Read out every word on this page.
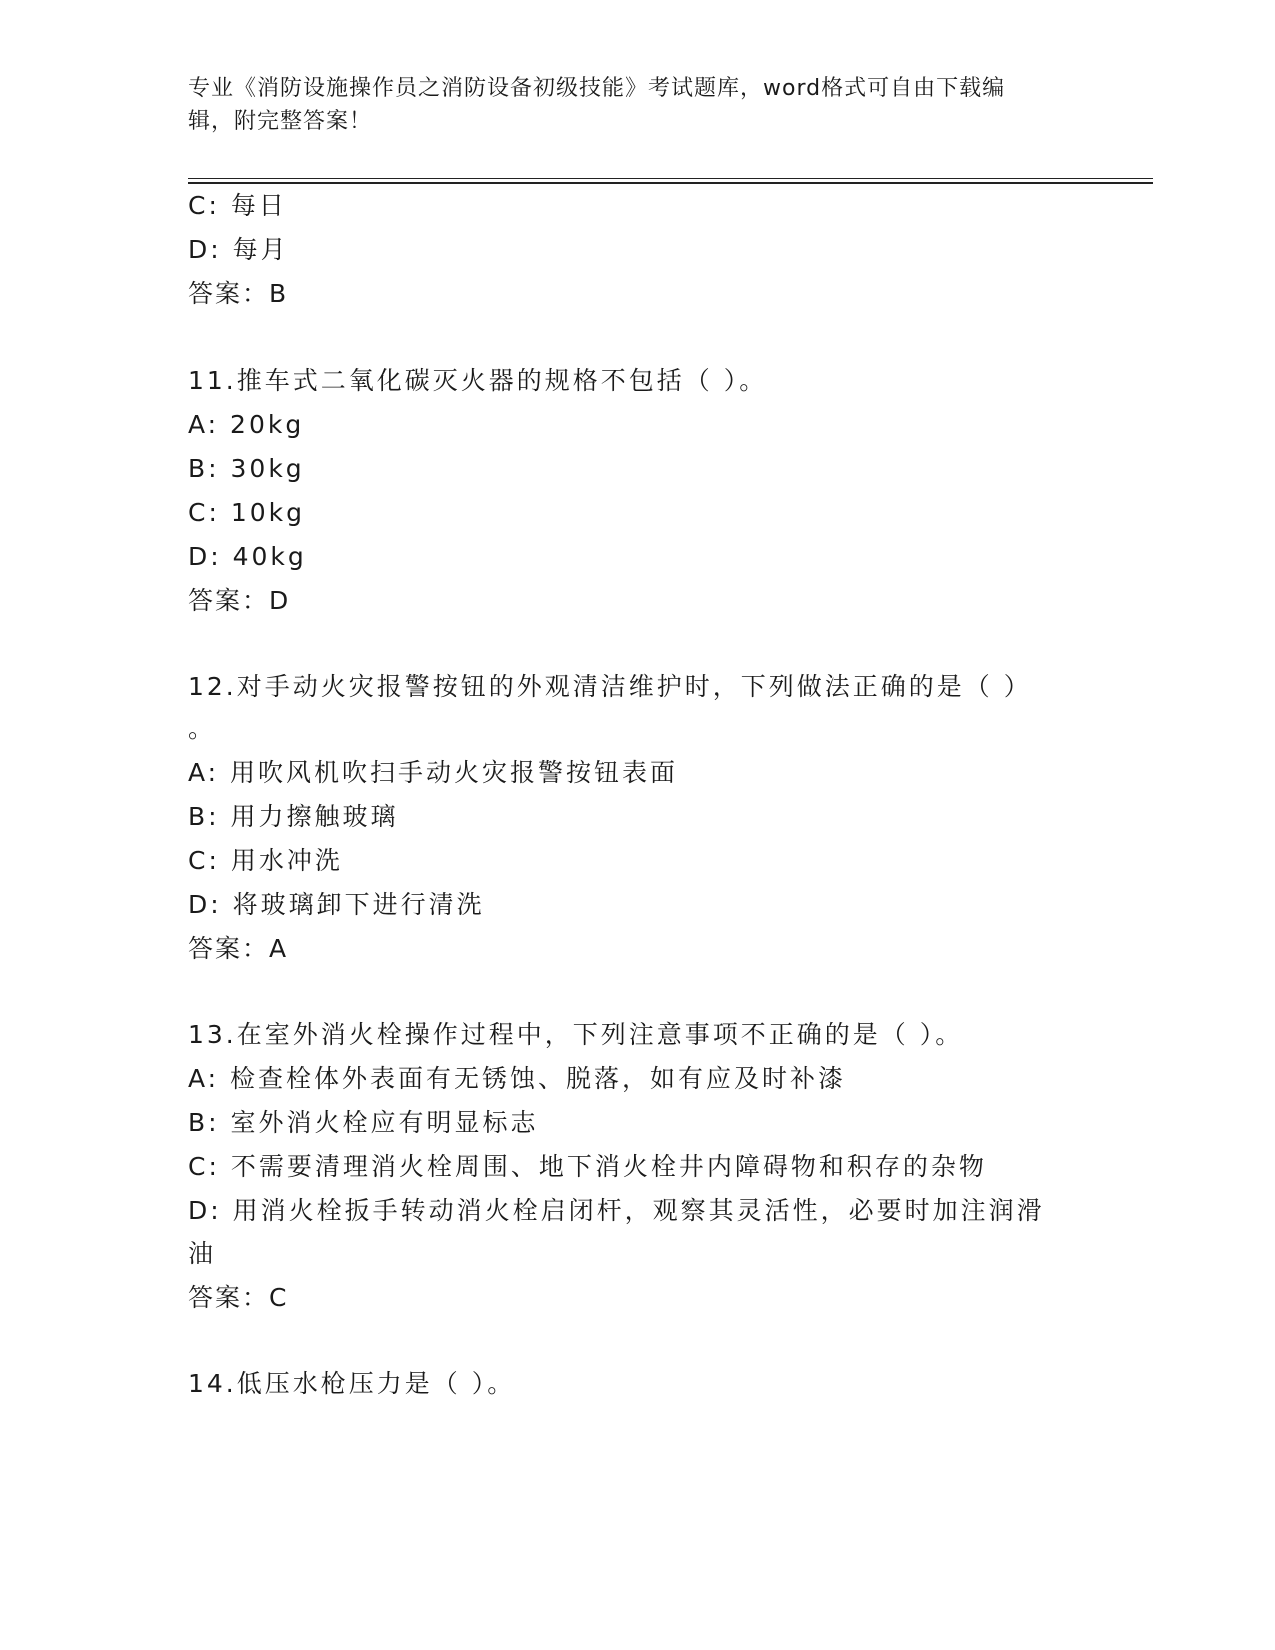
专业《消防设施操作员之消防设备初级技能》考试题库，word格式可自由下载编
辑，附完整答案！
C: 每日
D: 每月
答案：B
11.推车式二氧化碳灭火器的规格不包括（ ）。
A: 20kg
B: 30kg
C: 10kg
D: 40kg
答案：D
12.对手动火灾报警按钮的外观清洁维护时，下列做法正确的是（ ）
。
A: 用吹风机吹扫手动火灾报警按钮表面
B: 用力擦触玻璃
C: 用水冲洗
D: 将玻璃卸下进行清洗
答案：A
13.在室外消火栓操作过程中，下列注意事项不正确的是（ ）。
A: 检查栓体外表面有无锈蚀、脱落，如有应及时补漆
B: 室外消火栓应有明显标志
C: 不需要清理消火栓周围、地下消火栓井内障碍物和积存的杂物
D: 用消火栓扳手转动消火栓启闭杆，观察其灵活性，必要时加注润滑
油
答案：C
14.低压水枪压力是（ ）。
